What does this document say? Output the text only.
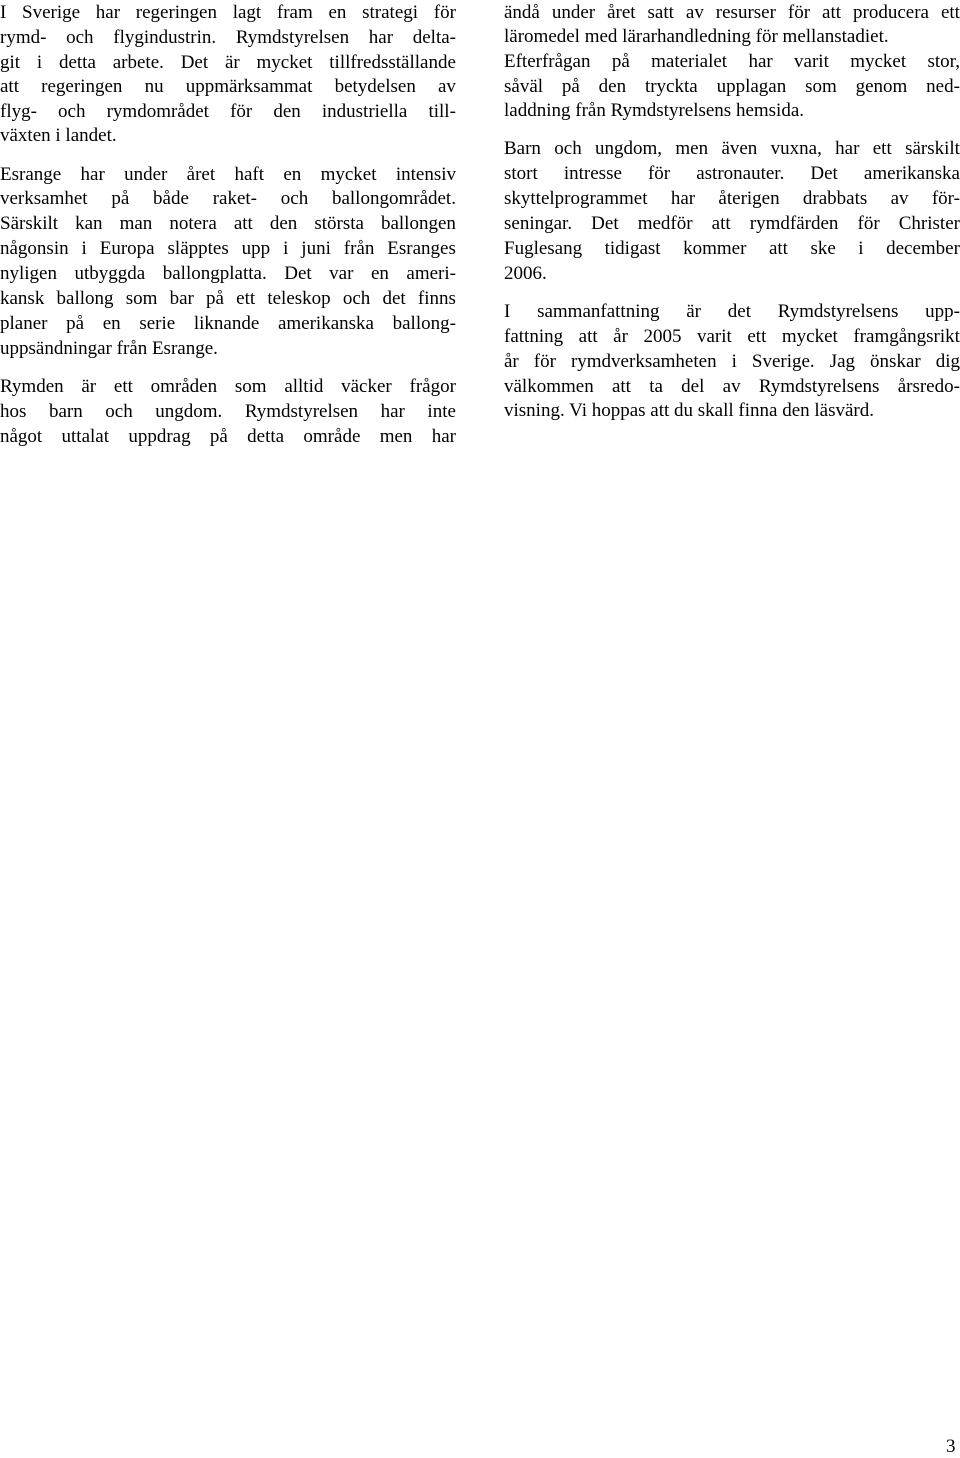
I Sverige har regeringen lagt fram en strategi för
rymd- och flygindustrin. Rymdstyrelsen har delta-
git i detta arbete. Det är mycket tillfredsställande
att regeringen nu uppmärksammat betydelsen av
flyg- och rymdområdet för den industriella till-
växten i landet.
Esrange har under året haft en mycket intensiv
verksamhet på både raket- och ballongområdet.
Särskilt kan man notera att den största ballongen
någonsin i Europa släpptes upp i juni från Esranges
nyligen utbyggda ballongplatta. Det var en ameri-
kansk ballong som bar på ett teleskop och det finns
planer på en serie liknande amerikanska ballong-
uppsändningar från Esrange.
Rymden är ett områden som alltid väcker frågor
hos barn och ungdom. Rymdstyrelsen har inte
något uttalat uppdrag på detta område men har
ändå under året satt av resurser för att producera ett
läromedel med lärarhandledning för mellanstadiet.
Efterfrågan på materialet har varit mycket stor,
såväl på den tryckta upplagan som genom ned-
laddning från Rymdstyrelsens hemsida.
Barn och ungdom, men även vuxna, har ett särskilt
stort intresse för astronauter. Det amerikanska
skyttelprogrammet har återigen drabbats av för-
seningar. Det medför att rymdfärden för Christer
Fuglesang tidigast kommer att ske i december
2006.
I sammanfattning är det Rymdstyrelsens upp-
fattning att år 2005 varit ett mycket framgångsrikt
år för rymdverksamheten i Sverige. Jag önskar dig
välkommen att ta del av Rymdstyrelsens årsredo-
visning. Vi hoppas att du skall finna den läsvärd.
3
